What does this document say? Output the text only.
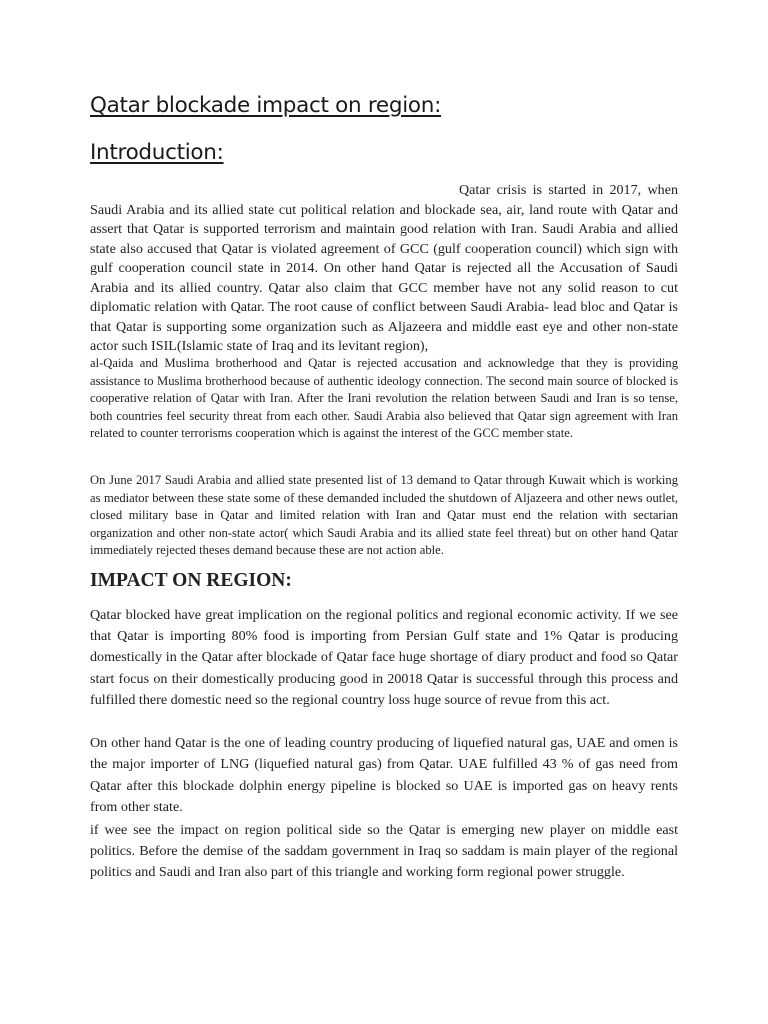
Qatar blockade impact on region:
Introduction:

Qatar crisis is started in 2017, when Saudi Arabia and its allied state cut political relation and blockade sea, air, land route with Qatar and assert that Qatar is supported terrorism and maintain good relation with Iran. Saudi Arabia and allied state also accused that Qatar is violated agreement of GCC (gulf cooperation council) which sign with gulf cooperation council state in 2014. On other hand Qatar is rejected all the Accusation of Saudi Arabia and its allied country. Qatar also claim that GCC member have not any solid reason to cut diplomatic relation with Qatar. The root cause of conflict between Saudi Arabia- lead bloc and Qatar is that Qatar is supporting some organization such as Aljazeera and middle east eye and other non-state actor such ISIL(Islamic state of Iraq and its levitant region),

al-Qaida and Muslima brotherhood and Qatar is rejected accusation and acknowledge that they is providing assistance to Muslima brotherhood because of authentic ideology connection. The second main source of blocked is cooperative relation of Qatar with Iran. After the Irani revolution the relation between Saudi and Iran is so tense, both countries feel security threat from each other. Saudi Arabia also believed that Qatar sign agreement with Iran related to counter terrorisms cooperation which is against the interest of the GCC member state.

On June 2017 Saudi Arabia and allied state presented list of 13 demand to Qatar through Kuwait which is working as mediator between these state some of these demanded included the shutdown of Aljazeera and other news outlet, closed military base in Qatar and limited relation with Iran and Qatar must end the relation with sectarian organization and other non-state actor( which Saudi Arabia and its allied state feel threat) but on other hand Qatar immediately rejected theses demand because these are not action able.

IMPACT ON REGION:

Qatar blocked have great implication on the regional politics and regional economic activity. If we see that Qatar is importing 80% food is importing from Persian Gulf state and 1% Qatar is producing domestically in the Qatar after blockade of Qatar face huge shortage of diary product and food so Qatar start focus on their domestically producing good in 20018 Qatar is successful through this process and fulfilled there domestic need so the regional country loss huge source of revue from this act.

On other hand Qatar is the one of leading country producing of liquefied natural gas, UAE and omen is the major importer of LNG (liquefied natural gas) from Qatar. UAE fulfilled 43 % of gas need from Qatar after this blockade dolphin energy pipeline is blocked so UAE is imported gas on heavy rents from other state.

if wee see the impact on region political side so the Qatar is emerging new player on middle east politics. Before the demise of the saddam government in Iraq so saddam is main player of the regional politics and Saudi and Iran also part of this triangle and working form regional power struggle.
